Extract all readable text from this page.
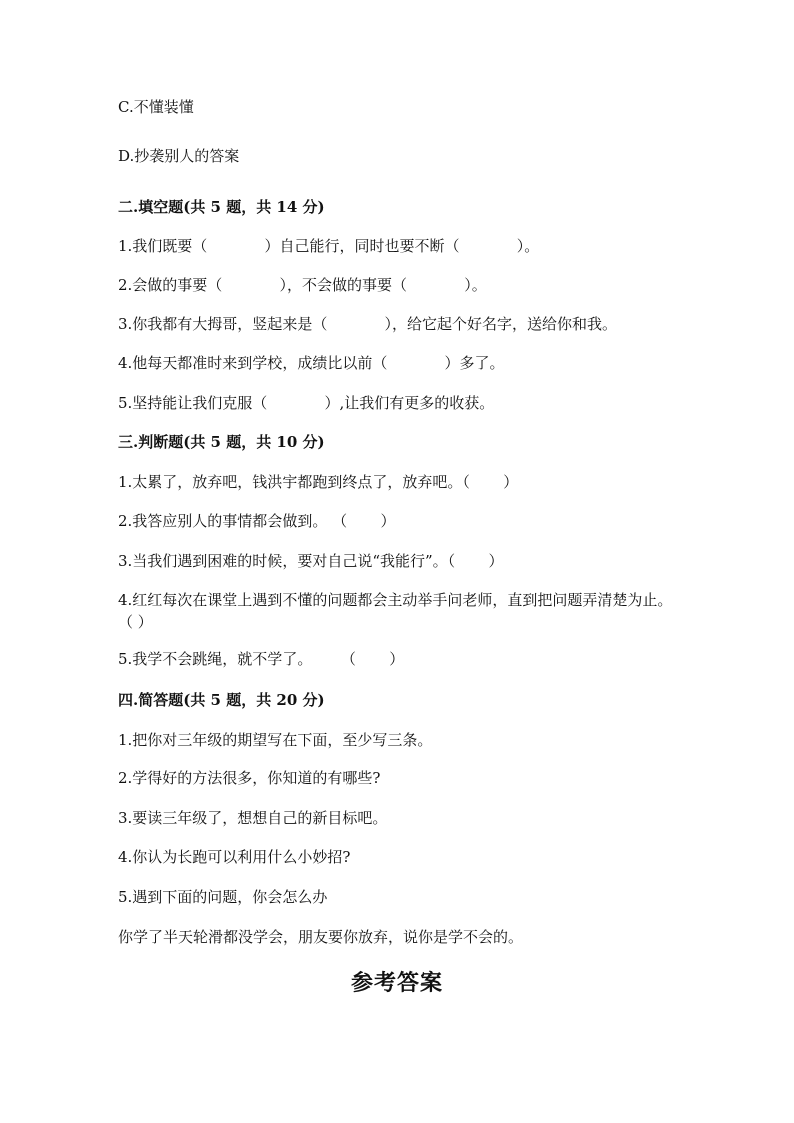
C.不懂装懂
D.抄袭别人的答案
二.填空题(共 5 题，共 14 分)
1.我们既要（            ）自己能行，同时也要不断（            ）。
2.会做的事要（            ），不会做的事要（            ）。
3.你我都有大拇哥，竖起来是（            ），给它起个好名字，送给你和我。
4.他每天都准时来到学校，成绩比以前（            ）多了。
5.坚持能让我们克服（            ）,让我们有更多的收获。
三.判断题(共 5 题，共 10 分)
1.太累了，放弃吧，钱洪宇都跑到终点了，放弃吧。（       ）
2.我答应别人的事情都会做到。 （       ）
3.当我们遇到困难的时候，要对自己说“我能行”。（       ）
4.红红每次在课堂上遇到不懂的问题都会主动举手问老师，直到把问题弄清楚为止。（ ）
5.我学不会跳绳，就不学了。      （       ）
四.简答题(共 5 题，共 20 分)
1.把你对三年级的期望写在下面，至少写三条。
2.学得好的方法很多，你知道的有哪些?
3.要读三年级了，想想自己的新目标吧。
4.你认为长跑可以利用什么小妙招?
5.遇到下面的问题，你会怎么办
你学了半天轮滑都没学会，朋友要你放弃，说你是学不会的。
参考答案
